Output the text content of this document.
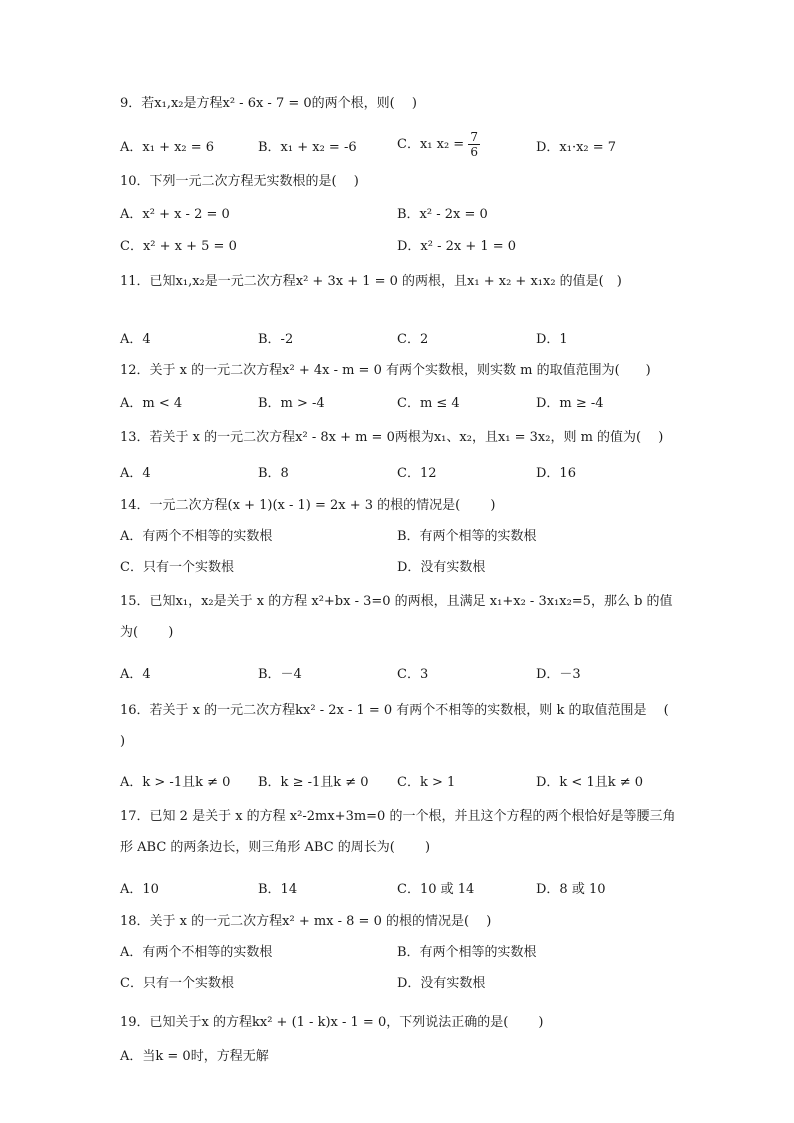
9．若x₁,x₂是方程x² - 6x - 7 = 0的两个根，则(　 )
A．x₁ + x₂ = 6	B．x₁ + x₂ = -6	C．x₁ $x_2 = \frac{7}{6}$	D．x₁·x₂ = 7
10．下列一元二次方程无实数根的是(　 )
A．x² + x - 2 = 0	B．x² - 2x = 0
C．x² + x + 5 = 0	D．x² - 2x + 1 = 0
11．已知x₁,x₂是一元二次方程x² + 3x + 1 = 0 的两根，且x₁ + x₂ + x₁x₂ 的值是(　)
A．4	B．-2	C．2	D．1
12．关于 x 的一元二次方程x² + 4x - m = 0 有两个实数根，则实数 m 的取值范围为(　　)
A．m < 4	B．m > -4	C．m ≤ 4	D．m ≥ -4
13．若关于 x 的一元二次方程x² - 8x + m = 0两根为x₁、x₂，且x₁ = 3x₂，则 m 的值为(　 )
A．4	B．8	C．12	D．16
14．一元二次方程(x + 1)(x - 1) = 2x + 3 的根的情况是(　　 )
A．有两个不相等的实数根	B．有两个相等的实数根
C．只有一个实数根	D．没有实数根
15．已知x₁，x₂是关于 x 的方程 x²+bx - 3=0 的两根，且满足 x₁+x₂ - 3x₁x₂=5，那么 b 的值为(　　 )
A．4	B．－4	C．3	D．－3
16．若关于 x 的一元二次方程kx² - 2x - 1 = 0 有两个不相等的实数根，则 k 的取值范围是 　(　 )
A．k > -1且k ≠ 0 B．k ≥ -1且k ≠ 0 C．k > 1	D．k < 1且k ≠ 0
17．已知 2 是关于 x 的方程 x²-2mx+3m=0 的一个根，并且这个方程的两个根恰好是等腰三角形 ABC 的两条边长，则三角形 ABC 的周长为(　　 )
A．10	B．14	C．10 或 14	D．8 或 10
18．关于 x 的一元二次方程x² + mx - 8 = 0 的根的情况是(　 )
A．有两个不相等的实数根	B．有两个相等的实数根
C．只有一个实数根	D．没有实数根
19．已知关于x 的方程kx² + (1 - k)x - 1 = 0，下列说法正确的是(　　 )
A．当k = 0时，方程无解
